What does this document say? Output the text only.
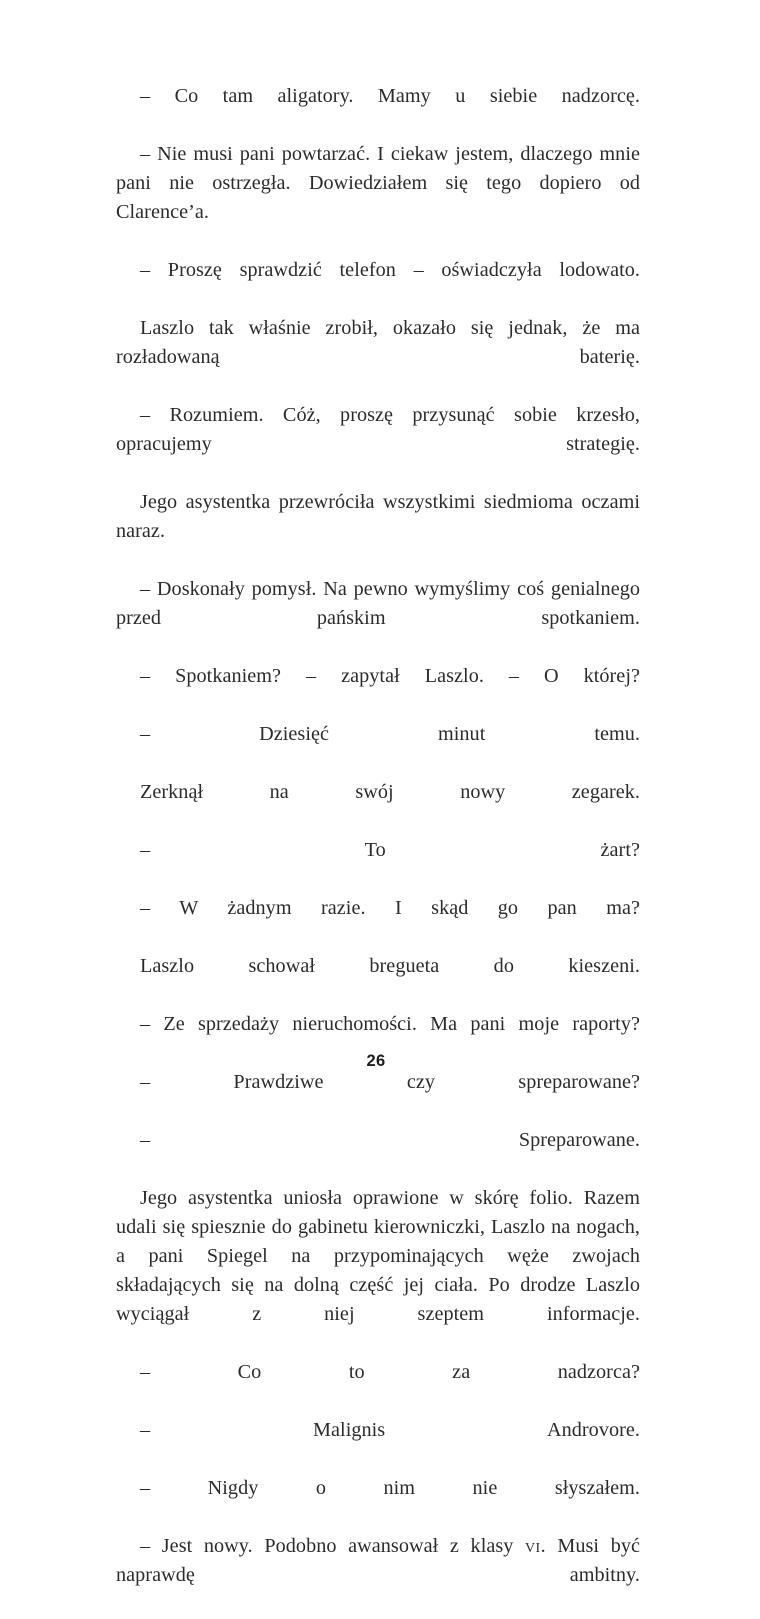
– Co tam aligatory. Mamy u siebie nadzorcę.

– Nie musi pani powtarzać. I ciekaw jestem, dlaczego mnie pani nie ostrzegła. Dowiedziałem się tego dopiero od Clarence’a.

– Proszę sprawdzić telefon – oświadczyła lodowato.

Laszlo tak właśnie zrobił, okazało się jednak, że ma rozładowaną baterię.

– Rozumiem. Cóż, proszę przysunąć sobie krzesło, opracujemy strategię.

Jego asystentka przewróciła wszystkimi siedmioma oczami naraz.

– Doskonały pomysł. Na pewno wymyślimy coś genialnego przed pańskim spotkaniem.

– Spotkaniem? – zapytał Laszlo. – O której?

– Dziesięć minut temu.

Zerknął na swój nowy zegarek.

– To żart?

– W żadnym razie. I skąd go pan ma?

Laszlo schował bregueta do kieszeni.

– Ze sprzedaży nieruchomości. Ma pani moje raporty?

– Prawdziwe czy spreparowane?

– Spreparowane.

Jego asystentka uniosła oprawione w skórę folio. Razem udali się spiesznie do gabinetu kierowniczki, Laszlo na nogach, a pani Spiegel na przypominających węże zwojach składających się na dolną część jej ciała. Po drodze Laszlo wyciągał z niej szeptem informacje.

– Co to za nadzorca?

– Malignis Androvore.

– Nigdy o nim nie słyszałem.

– Jest nowy. Podobno awansował z klasy vi. Musi być naprawdę ambitny.

26
